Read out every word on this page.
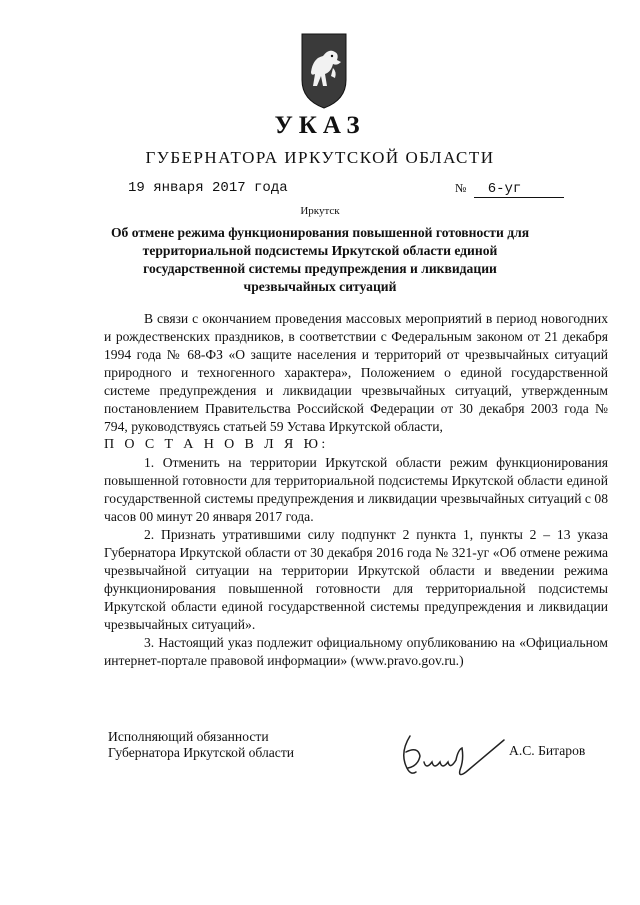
УКАЗ
ГУБЕРНАТОРА ИРКУТСКОЙ ОБЛАСТИ
19 января 2017 года	№ 6-уг
Иркутск
Об отмене режима функционирования повышенной готовности для территориальной подсистемы Иркутской области единой государственной системы предупреждения и ликвидации чрезвычайных ситуаций

В связи с окончанием проведения массовых мероприятий в период новогодних и рождественских праздников, в соответствии с Федеральным законом от 21 декабря 1994 года № 68-ФЗ «О защите населения и территорий от чрезвычайных ситуаций природного и техногенного характера», Положением о единой государственной системе предупреждения и ликвидации чрезвычайных ситуаций, утвержденным постановлением Правительства Российской Федерации от 30 декабря 2003 года № 794, руководствуясь статьей 59 Устава Иркутской области,

П О С Т А Н О В Л Я Ю:

1. Отменить на территории Иркутской области режим функционирования повышенной готовности для территориальной подсистемы Иркутской области единой государственной системы предупреждения и ликвидации чрезвычайных ситуаций с 08 часов 00 минут 20 января 2017 года.

2. Признать утратившими силу подпункт 2 пункта 1, пункты 2 – 13 указа Губернатора Иркутской области от 30 декабря 2016 года № 321-уг «Об отмене режима чрезвычайной ситуации на территории Иркутской области и введении режима функционирования повышенной готовности для территориальной подсистемы Иркутской области единой государственной системы предупреждения и ликвидации чрезвычайных ситуаций».

3. Настоящий указ подлежит официальному опубликованию на «Официальном интернет-портале правовой информации» (www.pravo.gov.ru.)

Исполняющий обязанности
Губернатора Иркутской области	А.С. Битаров
